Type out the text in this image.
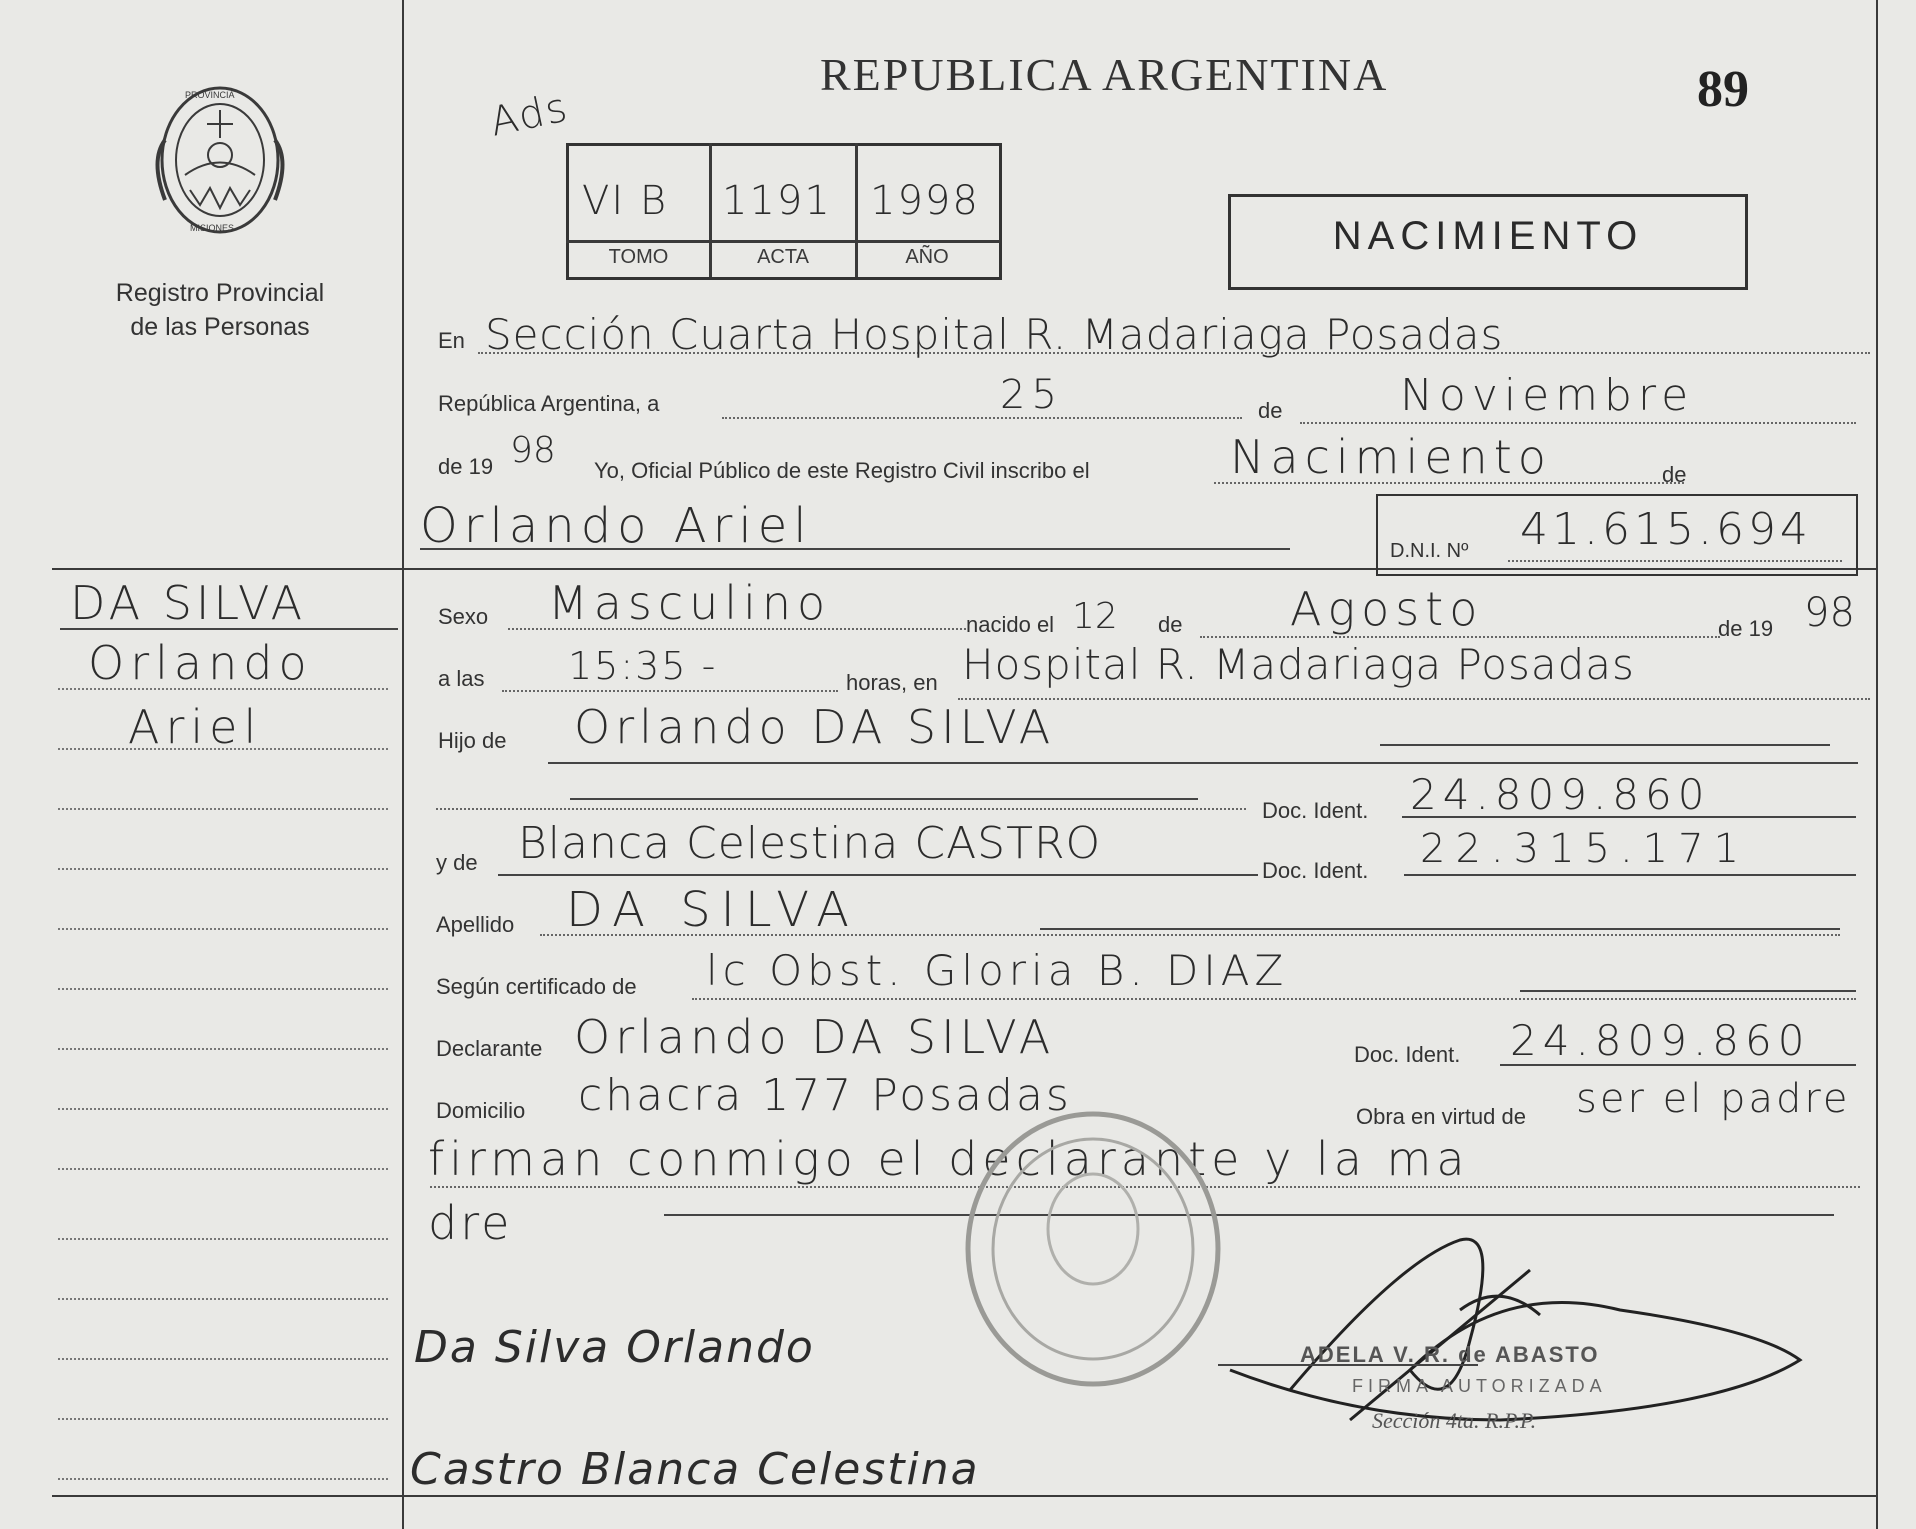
PROVINCIA
MISIONES
Registro Provincial
de las Personas
REPUBLICA ARGENTINA	89
Ads
VI B 1191 1998
TOMO	ACTA	AÑO	NACIMIENTO
En Sección Cuarta Hospital R. Madariaga Posadas
República Argentina, a	25	de	Noviembre
de 19 98 Yo, Oficial Público de este Registro Civil inscribo el	Nacimiento	de
Orlando Ariel	D.N.I. Nº 41.615.694
DA SILVA
Orlando
Ariel
Sexo Masculino	nacido el 12 de Agosto	de 19 98
a las 15:35 -	horas, en Hospital R. Madariaga Posadas
Hijo de Orlando DA SILVA
Doc. Ident. 24.809.860
y de Blanca Celestina CASTRO
Doc. Ident. 22.315.171
Apellido DA SILVA
Según certificado de lc Obst. Gloria B. DIAZ
Declarante Orlando DA SILVA	Doc. Ident. 24.809.860
Domicilio chacra 177 Posadas	Obra en virtud de ser el padre
firman conmigo el declarante y la ma
dre
ADELA V. R. de ABASTO
FIRMA AUTORIZADA
Sección 4ta. R.P.P.
Da Silva Orlando
Castro Blanca Celestina
